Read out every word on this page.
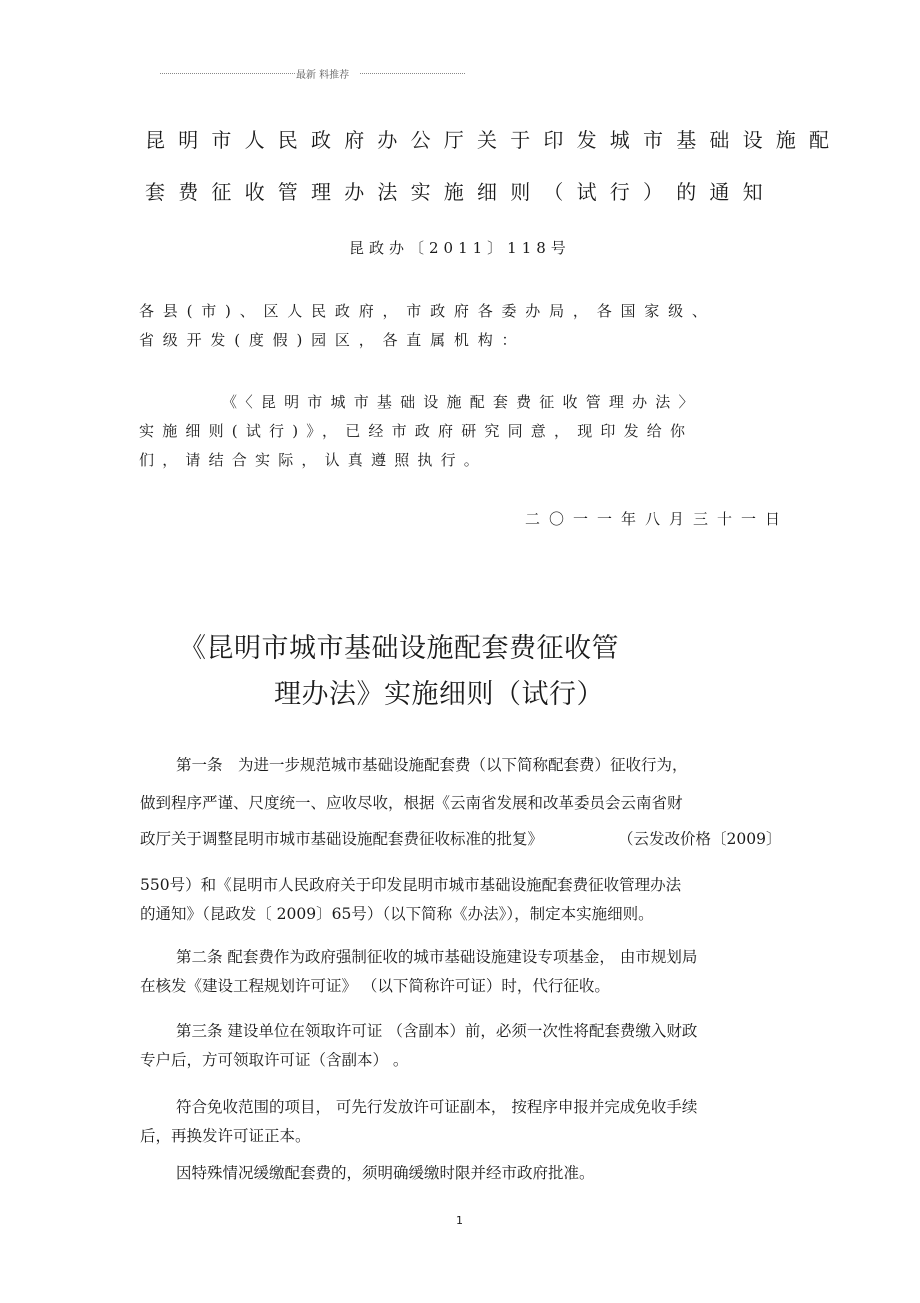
最新 料推荐

昆明市人民政府办公厅关于印发城市基础设施配

套费征收管理办法实施细则（试行）的通知

昆政办〔2011〕118号

各县(市)、区人民政府，市政府各委办局，各国家级、

省级开发(度假)园区，各直属机构：

《〈昆明市城市基础设施配套费征收管理办法〉

实施细则(试行)》，已经市政府研究同意，现印发给你

们，请结合实际，认真遵照执行。

二〇一一年八月三十一日

《昆明市城市基础设施配套费征收管

理办法》实施细则（试行）

第一条　为进一步规范城市基础设施配套费（以下简称配套费）征收行为，

做到程序严谨、尺度统一、应收尽收，根据《云南省发展和改革委员会云南省财

政厅关于调整昆明市城市基础设施配套费征收标准的批复》	（云发改价格〔2009〕

550号）和《昆明市人民政府关于印发昆明市城市基础设施配套费征收管理办法

的通知》（昆政发〔 2009〕65号）（以下简称《办法》），制定本实施细则。

第二条 配套费作为政府强制征收的城市基础设施建设专项基金， 由市规划局

在核发《建设工程规划许可证》 （以下简称许可证）时，代行征收。

第三条 建设单位在领取许可证 （含副本）前，必须一次性将配套费缴入财政

专户后，方可领取许可证（含副本） 。

符合免收范围的项目， 可先行发放许可证副本， 按程序申报并完成免收手续

后，再换发许可证正本。

因特殊情况缓缴配套费的，须明确缓缴时限并经市政府批准。

1
